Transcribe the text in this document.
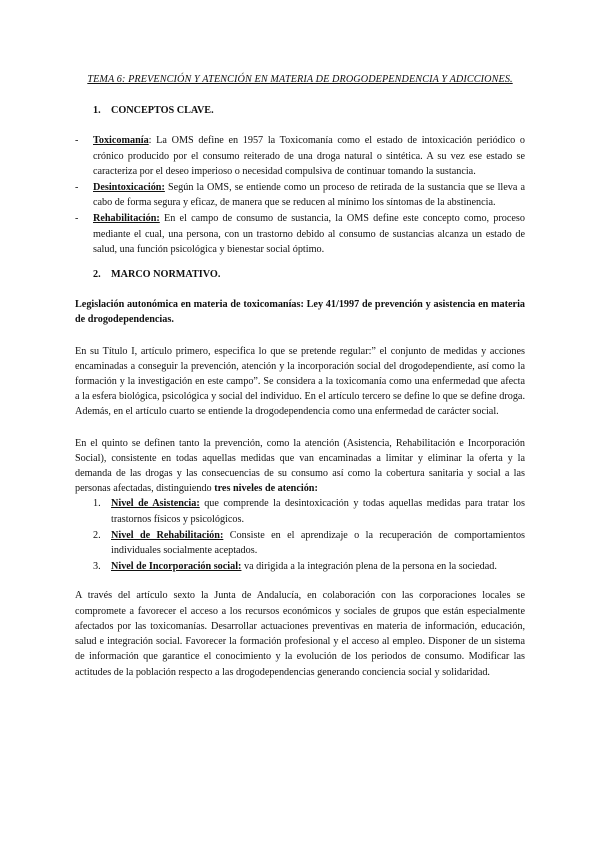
TEMA 6: PREVENCIÓN Y ATENCIÓN EN MATERIA DE DROGODEPENDENCIA Y ADICCIONES.
1. CONCEPTOS CLAVE.
- Toxicomanía: La OMS define en 1957 la Toxicomanía como el estado de intoxicación periódico o crónico producido por el consumo reiterado de una droga natural o sintética. A su vez ese estado se caracteriza por el deseo imperioso o necesidad compulsiva de continuar tomando la sustancia.
- Desintoxicación: Según la OMS, se entiende como un proceso de retirada de la sustancia que se lleva a cabo de forma segura y eficaz, de manera que se reducen al mínimo los síntomas de la abstinencia.
- Rehabilitación: En el campo de consumo de sustancia, la OMS define este concepto como, proceso mediante el cual, una persona, con un trastorno debido al consumo de sustancias alcanza un estado de salud, una función psicológica y bienestar social óptimo.
2. MARCO NORMATIVO.
Legislación autonómica en materia de toxicomanías: Ley 41/1997 de prevención y asistencia en materia de drogodependencias.

En su Título I, artículo primero, especifica lo que se pretende regular:” el conjunto de medidas y acciones encaminadas a conseguir la prevención, atención y la incorporación social del drogodependiente, así como la formación y la investigación en este campo”. Se considera a la toxicomanía como una enfermedad que afecta a la esfera biológica, psicológica y social del individuo. En el artículo tercero se define lo que se define droga. Además, en el artículo cuarto se entiende la drogodependencia como una enfermedad de carácter social.

En el quinto se definen tanto la prevención, como la atención (Asistencia, Rehabilitación e Incorporación Social), consistente en todas aquellas medidas que van encaminadas a limitar y eliminar la oferta y la demanda de las drogas y las consecuencias de su consumo así como la cobertura sanitaria y social a las personas afectadas, distinguiendo tres niveles de atención:

1. Nivel de Asistencia: que comprende la desintoxicación y todas aquellas medidas para tratar los trastornos físicos y psicológicos.
2. Nivel de Rehabilitación: Consiste en el aprendizaje o la recuperación de comportamientos individuales socialmente aceptados.
3. Nivel de Incorporación social: va dirigida a la integración plena de la persona en la sociedad.

A través del artículo sexto la Junta de Andalucía, en colaboración con las corporaciones locales se compromete a favorecer el acceso a los recursos económicos y sociales de grupos que están especialmente afectados por las toxicomanías. Desarrollar actuaciones preventivas en materia de información, educación, salud e integración social. Favorecer la formación profesional y el acceso al empleo. Disponer de un sistema de información que garantice el conocimiento y la evolución de los periodos de consumo. Modificar las actitudes de la población respecto a las drogodependencias generando conciencia social y solidaridad.
